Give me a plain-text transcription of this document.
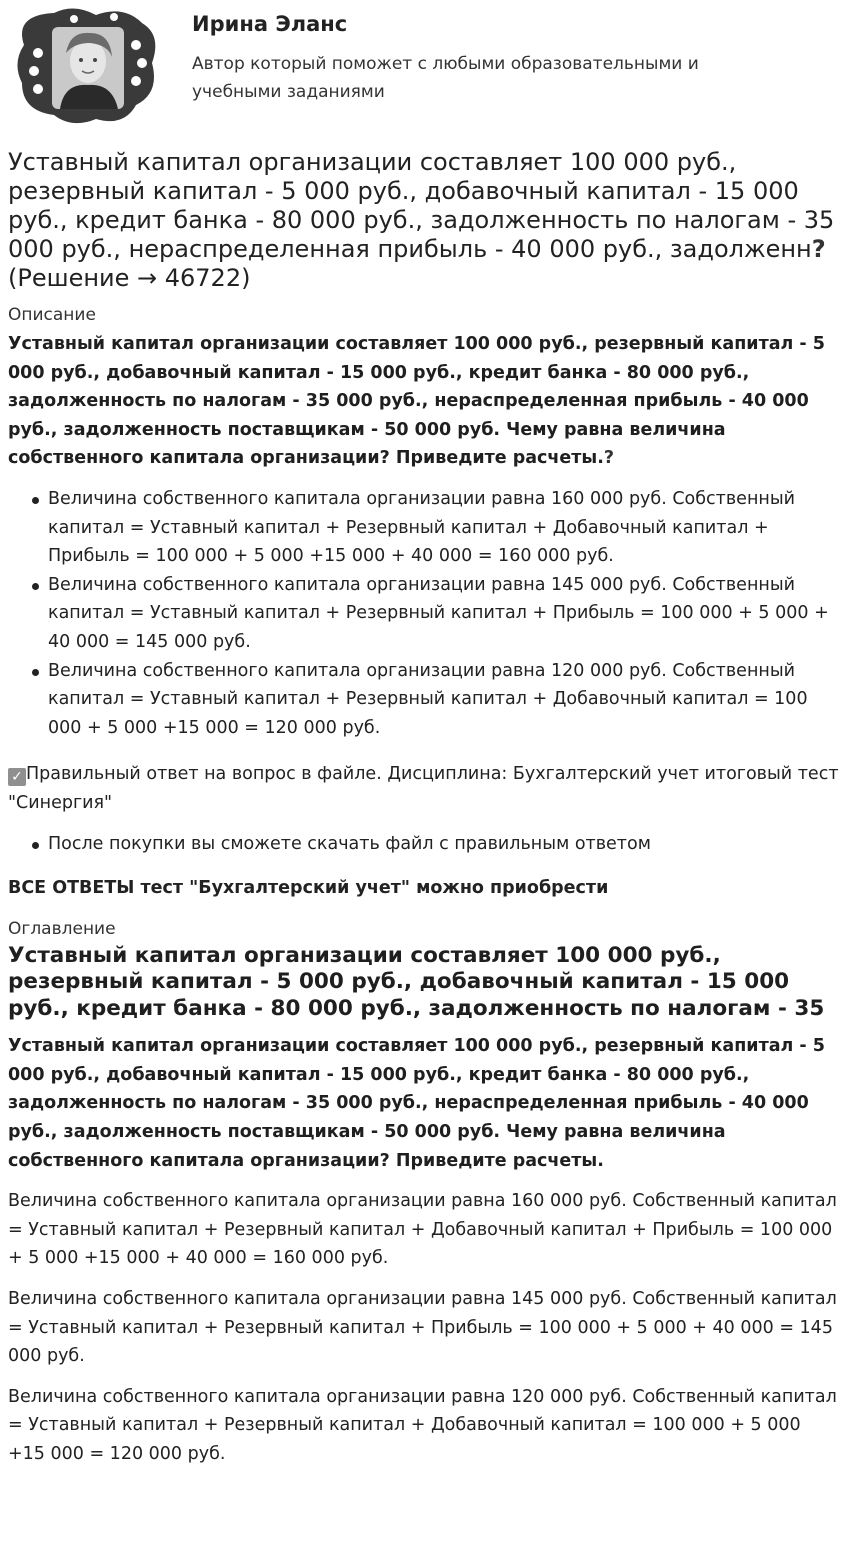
Ирина Эланс
Автор который поможет с любыми образовательными и учебными заданиями
Уставный капитал организации составляет 100 000 руб., резервный капитал - 5 000 руб., добавочный капитал - 15 000 руб., кредит банка - 80 000 руб., задолженность по налогам - 35 000 руб., нераспределенная прибыль - 40 000 руб., задолженн? (Решение → 46722)
Описание

Уставный капитал организации составляет 100 000 руб., резервный капитал - 5 000 руб., добавочный капитал - 15 000 руб., кредит банка - 80 000 руб., задолженность по налогам - 35 000 руб., нераспределенная прибыль - 40 000 руб., задолженность поставщикам - 50 000 руб. Чему равна величина собственного капитала организации? Приведите расчеты.?

Величина собственного капитала организации равна 160 000 руб. Собственный капитал = Уставный капитал + Резервный капитал + Добавочный капитал + Прибыль = 100 000 + 5 000 +15 000 + 40 000 = 160 000 руб.
Величина собственного капитала организации равна 145 000 руб. Собственный капитал = Уставный капитал + Резервный капитал + Прибыль = 100 000 + 5 000 + 40 000 = 145 000 руб.
Величина собственного капитала организации равна 120 000 руб. Собственный капитал = Уставный капитал + Резервный капитал + Добавочный капитал = 100 000 + 5 000 +15 000 = 120 000 руб.

✓ Правильный ответ на вопрос в файле. Дисциплина: Бухгалтерский учет итоговый тест "Синергия"

После покупки вы сможете скачать файл с правильным ответом

ВСЕ ОТВЕТЫ тест "Бухгалтерский учет" можно приобрести

Оглавление
Уставный капитал организации составляет 100 000 руб., резервный капитал - 5 000 руб., добавочный капитал - 15 000 руб., кредит банка - 80 000 руб., задолженность по налогам - 35

Уставный капитал организации составляет 100 000 руб., резервный капитал - 5 000 руб., добавочный капитал - 15 000 руб., кредит банка - 80 000 руб., задолженность по налогам - 35 000 руб., нераспределенная прибыль - 40 000 руб., задолженность поставщикам - 50 000 руб. Чему равна величина собственного капитала организации? Приведите расчеты.

Величина собственного капитала организации равна 160 000 руб. Собственный капитал = Уставный капитал + Резервный капитал + Добавочный капитал + Прибыль = 100 000 + 5 000 +15 000 + 40 000 = 160 000 руб.

Величина собственного капитала организации равна 145 000 руб. Собственный капитал = Уставный капитал + Резервный капитал + Прибыль = 100 000 + 5 000 + 40 000 = 145 000 руб.

Величина собственного капитала организации равна 120 000 руб. Собственный капитал = Уставный капитал + Резервный капитал + Добавочный капитал = 100 000 + 5 000 +15 000 = 120 000 руб.
